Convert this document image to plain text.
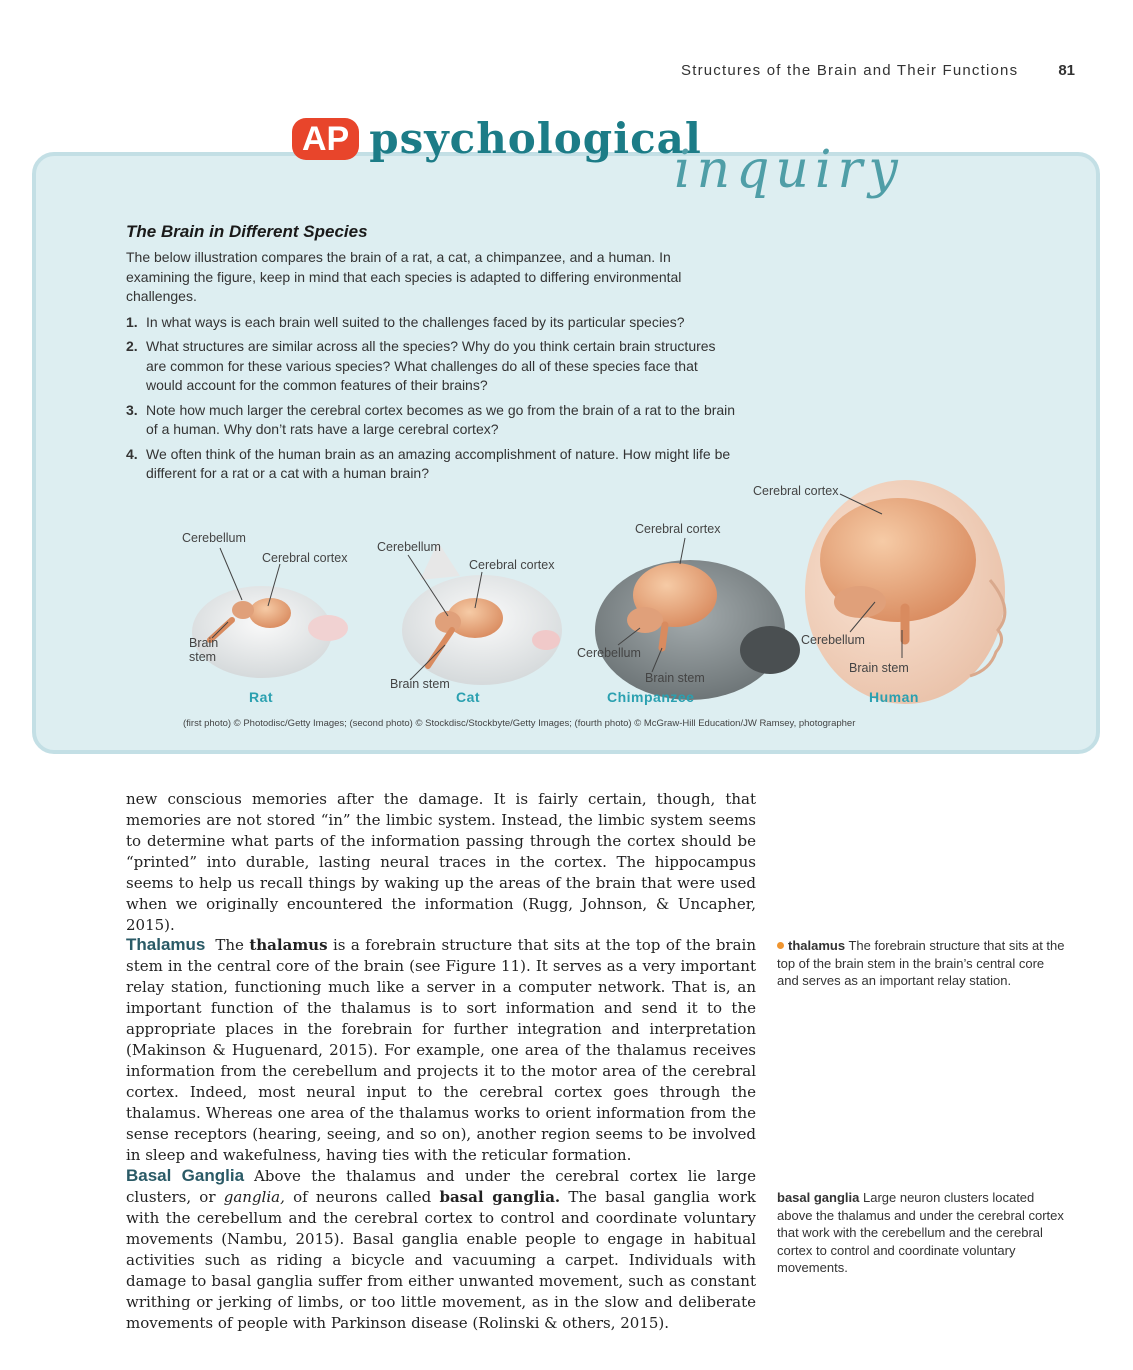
Structures of the Brain and Their Functions	81
AP psychological
inquiry
The Brain in Different Species

The below illustration compares the brain of a rat, a cat, a chimpanzee, and a human. In examining the figure, keep in mind that each species is adapted to differing environmental challenges.

1. In what ways is each brain well suited to the challenges faced by its particular species?
2. What structures are similar across all the species? Why do you think certain brain structures are common for these various species? What challenges do all of these species face that would account for the common features of their brains?
3. Note how much larger the cerebral cortex becomes as we go from the brain of a rat to the brain of a human. Why don’t rats have a large cerebral cortex?
4. We often think of the human brain as an amazing accomplishment of nature. How might life be different for a rat or a cat with a human brain?
Cerebellum
Cerebral cortex
Brain stem
Cerebellum
Cerebral cortex
Brain stem
Cerebral cortex
Cerebellum
Brain stem
Cerebral cortex
Cerebellum
Brain stem
Rat	Cat	Chimpanzee	Human
(first photo) © Photodisc/Getty Images; (second photo) © Stockdisc/Stockbyte/Getty Images; (fourth photo) © McGraw-Hill Education/JW Ramsey, photographer

new conscious memories after the damage. It is fairly certain, though, that memories are not stored “in” the limbic system. Instead, the limbic system seems to determine what parts of the information passing through the cortex should be “printed” into durable, lasting neural traces in the cortex. The hippocampus seems to help us recall things by waking up the areas of the brain that were used when we originally encountered the information (Rugg, Johnson, & Uncapher, 2015).

Thalamus The thalamus is a forebrain structure that sits at the top of the brain stem in the central core of the brain (see Figure 11). It serves as a very important relay station, functioning much like a server in a computer network. That is, an important function of the thalamus is to sort information and send it to the appropriate places in the forebrain for further integration and interpretation (Makinson & Huguenard, 2015). For example, one area of the thalamus receives information from the cerebellum and projects it to the motor area of the cerebral cortex. Indeed, most neural input to the cerebral cortex goes through the thalamus. Whereas one area of the thalamus works to orient information from the sense receptors (hearing, seeing, and so on), another region seems to be involved in sleep and wakefulness, having ties with the reticular formation.

Basal Ganglia Above the thalamus and under the cerebral cortex lie large clusters, or ganglia, of neurons called basal ganglia. The basal ganglia work with the cerebellum and the cerebral cortex to control and coordinate voluntary movements (Nambu, 2015). Basal ganglia enable people to engage in habitual activities such as riding a bicycle and vacuuming a carpet. Individuals with damage to basal ganglia suffer from either unwanted movement, such as constant writhing or jerking of limbs, or too little movement, as in the slow and deliberate movements of people with Parkinson disease (Rolinski & others, 2015).

thalamus The forebrain structure that sits at the top of the brain stem in the brain’s central core and serves as an important relay station.

basal ganglia Large neuron clusters located above the thalamus and under the cerebral cortex that work with the cerebellum and the cerebral cortex to control and coordinate voluntary movements.
